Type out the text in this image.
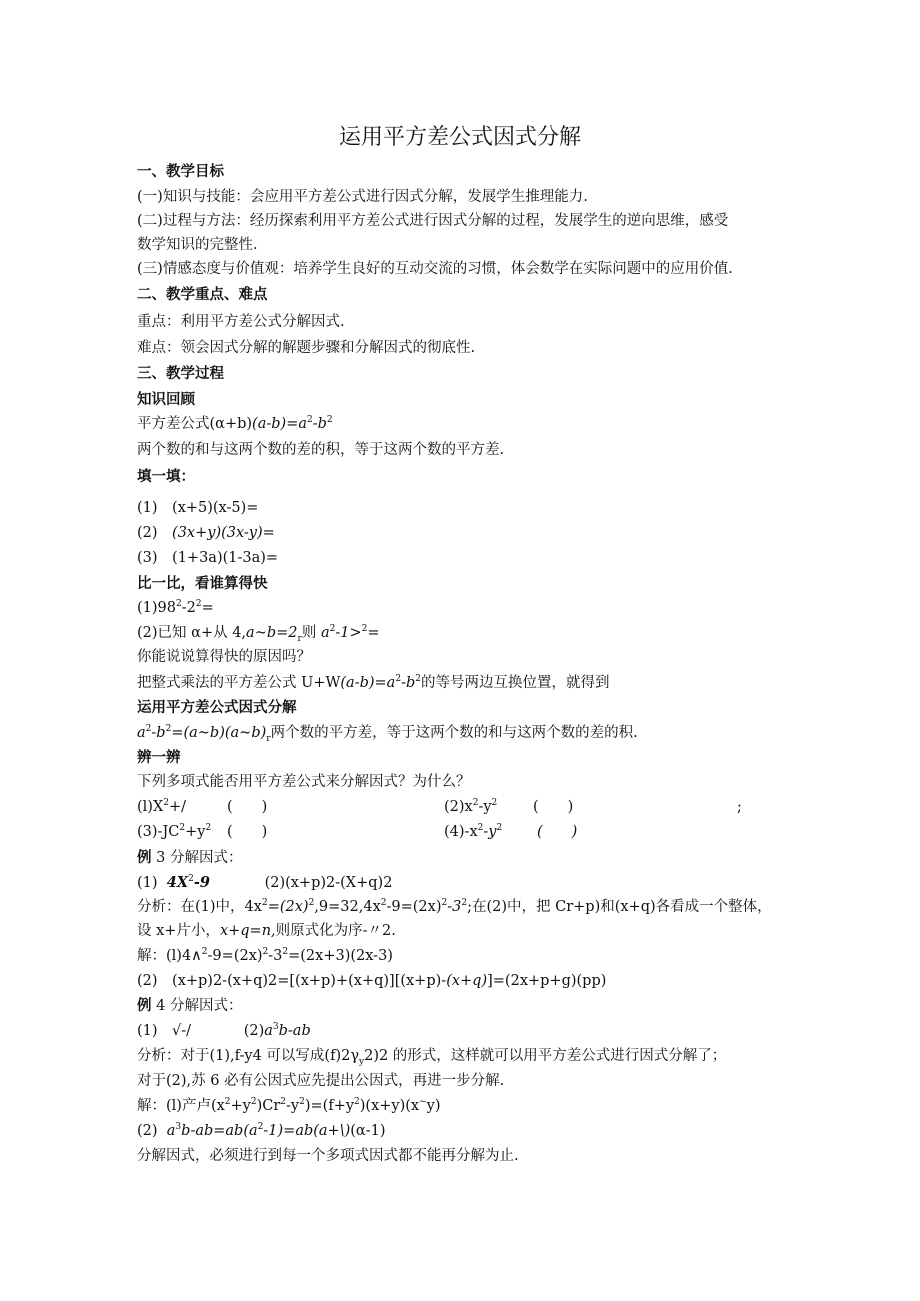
运用平方差公式因式分解
一、教学目标
(一)知识与技能：会应用平方差公式进行因式分解，发展学生推理能力.
(二)过程与方法：经历探索利用平方差公式进行因式分解的过程，发展学生的逆向思维，感受
数学知识的完整性.
(三)情感态度与价值观：培养学生良好的互动交流的习惯，体会数学在实际问题中的应用价值.
二、教学重点、难点
重点：利用平方差公式分解因式.
难点：领会因式分解的解题步骤和分解因式的彻底性.
三、教学过程
知识回顾
平方差公式$(\alpha+b)(a-b)=a^2-b^2$
两个数的和与这两个数的差的积，等于这两个数的平方差.
填一填：
(1)　(x+5)(x-5)=
(2)　(3x+y)(3x-y)=
(3)　(1+3a)(1-3a)=
比一比，看谁算得快
$(1)98^2-2^2=$
(2)已知 α+从 $4,a\sim b=2_r$则 $a^2-1>^2=$
你能说说算得快的原因吗？
把整式乘法的平方差公式 $U+W(a-b)=a^2-b^2$的等号两边互换位置，就得到
运用平方差公式因式分解
$a^2-b^2=(a\sim b)(a\sim b)_r$两个数的平方差，等于这两个数的和与这两个数的差的积.
辨一辨
下列多项式能否用平方差公式来分解因式？为什么？
$(l)X^2+/$	(　　)	$(2)x^2-y^2$ (　　)	;
$(3)-JC^2+y^2$ (　　)	$(4)-x^2-y^2$ (　　)
例 3 分解因式：
(1) $4X^2-9$	(2)(x+p)2-(X+q)2
分析：在(1)中，$4x^2=(2x)^2,9=32,4x^2-9=(2x)^2-3^2$;在(2)中，把 Cr+p)和(x+q)各看成一个整体，
设 x+片小，x+q=n,则原式化为序-〃2.
解：$(l)4\wedge^2-9=(2x)^2-3^2=(2x+3)(2x-3)$
(2)　(x+p)2-(x+q)2=[(x+p)+(x+q)][(x+p)-(x+q)]=(2x+p+g)(pp)
例 4 分解因式：
(1)　√-/	$(2)a^3b-ab$
分析：对于(1),f-y4 可以写成$(f)2\gamma_y2)2$ 的形式，这样就可以用平方差公式进行因式分解了；
对于(2),苏 6 必有公因式应先提出公因式，再进一步分解.
解：(l)产卢$(x^2+y^2)Cr^2-y^2)=(f+y^2)(x+y)(x^\sim y)$
(2) $a^3b-ab=ab(a^2-1)=ab(a+\backslash)(\alpha-1)$
分解因式，必须进行到每一个多项式因式都不能再分解为止.
